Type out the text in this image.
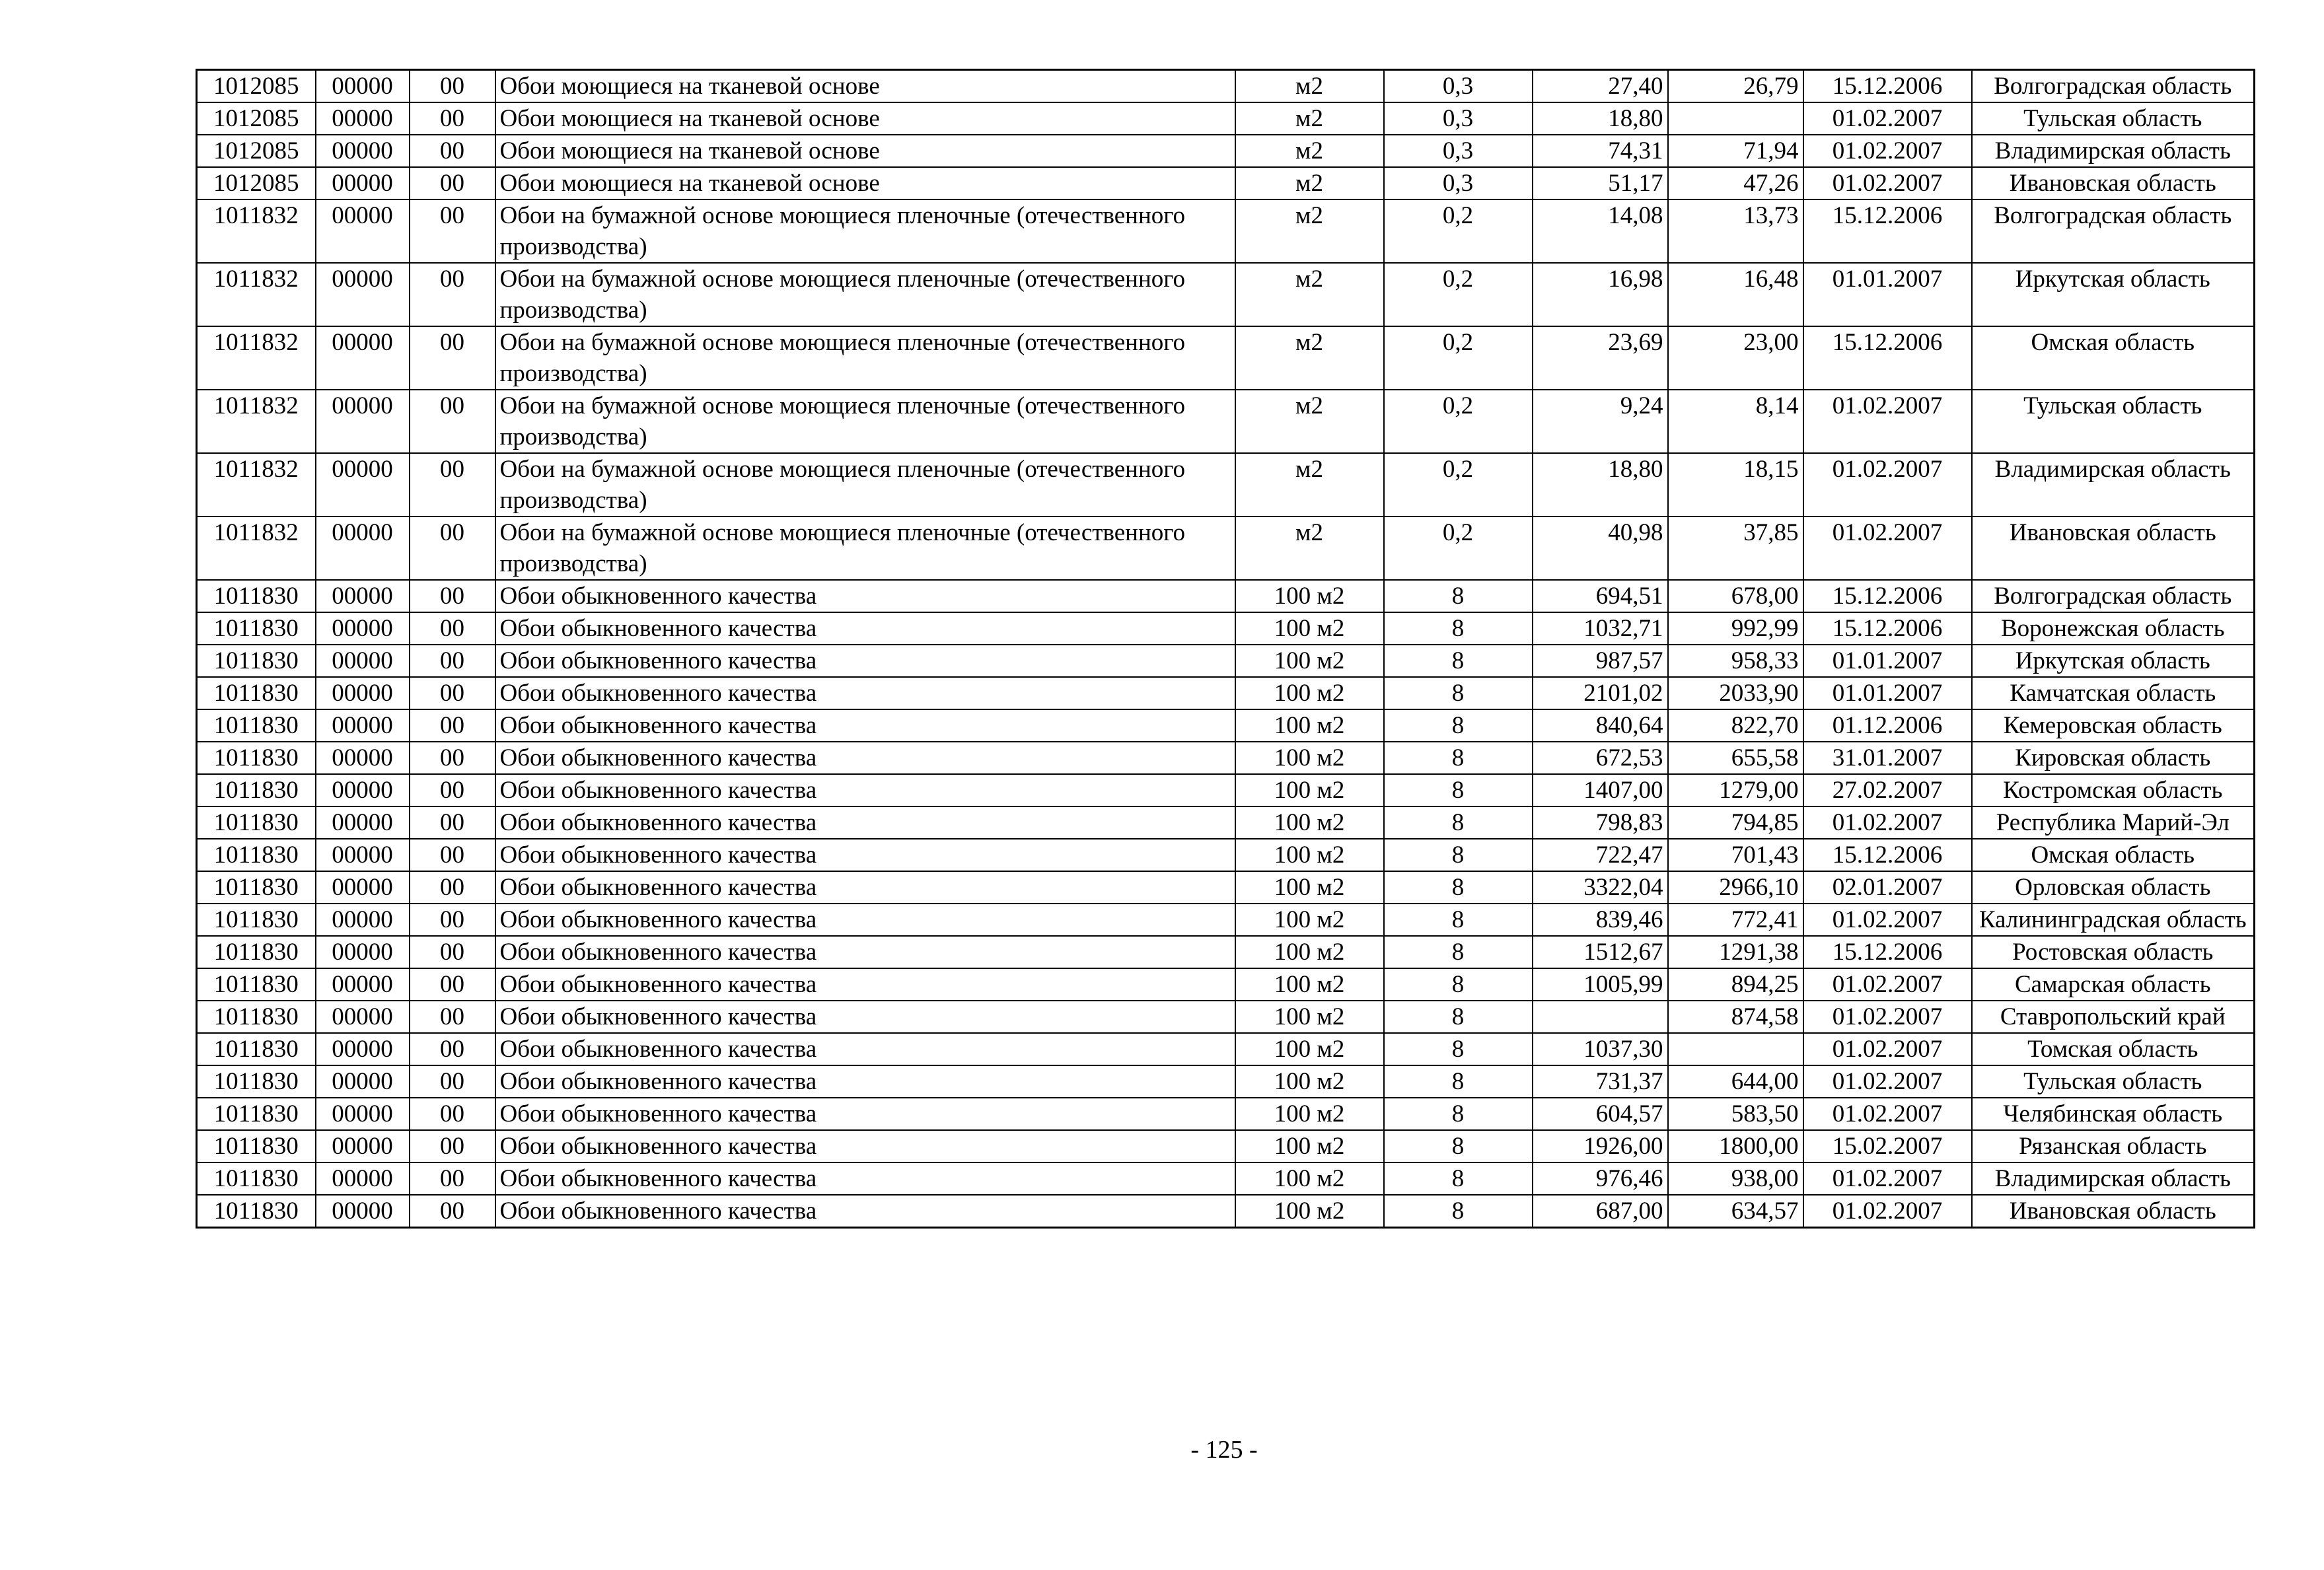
1012085	00000	00	Обои моющиеся на тканевой основе	м2	0,3	27,40	26,79	15.12.2006	Волгоградская область
1012085	00000	00	Обои моющиеся на тканевой основе	м2	0,3	18,80		01.02.2007	Тульская область
1012085	00000	00	Обои моющиеся на тканевой основе	м2	0,3	74,31	71,94	01.02.2007	Владимирская область
1012085	00000	00	Обои моющиеся на тканевой основе	м2	0,3	51,17	47,26	01.02.2007	Ивановская область
1011832	00000	00	Обои на бумажной основе моющиеся пленочные (отечественного производства)	м2	0,2	14,08	13,73	15.12.2006	Волгоградская область
1011832	00000	00	Обои на бумажной основе моющиеся пленочные (отечественного производства)	м2	0,2	16,98	16,48	01.01.2007	Иркутская область
1011832	00000	00	Обои на бумажной основе моющиеся пленочные (отечественного производства)	м2	0,2	23,69	23,00	15.12.2006	Омская область
1011832	00000	00	Обои на бумажной основе моющиеся пленочные (отечественного производства)	м2	0,2	9,24	8,14	01.02.2007	Тульская область
1011832	00000	00	Обои на бумажной основе моющиеся пленочные (отечественного производства)	м2	0,2	18,80	18,15	01.02.2007	Владимирская область
1011832	00000	00	Обои на бумажной основе моющиеся пленочные (отечественного производства)	м2	0,2	40,98	37,85	01.02.2007	Ивановская область
1011830	00000	00	Обои обыкновенного качества	100 м2	8	694,51	678,00	15.12.2006	Волгоградская область
1011830	00000	00	Обои обыкновенного качества	100 м2	8	1032,71	992,99	15.12.2006	Воронежская область
1011830	00000	00	Обои обыкновенного качества	100 м2	8	987,57	958,33	01.01.2007	Иркутская область
1011830	00000	00	Обои обыкновенного качества	100 м2	8	2101,02	2033,90	01.01.2007	Камчатская область
1011830	00000	00	Обои обыкновенного качества	100 м2	8	840,64	822,70	01.12.2006	Кемеровская область
1011830	00000	00	Обои обыкновенного качества	100 м2	8	672,53	655,58	31.01.2007	Кировская область
1011830	00000	00	Обои обыкновенного качества	100 м2	8	1407,00	1279,00	27.02.2007	Костромская область
1011830	00000	00	Обои обыкновенного качества	100 м2	8	798,83	794,85	01.02.2007	Республика Марий-Эл
1011830	00000	00	Обои обыкновенного качества	100 м2	8	722,47	701,43	15.12.2006	Омская область
1011830	00000	00	Обои обыкновенного качества	100 м2	8	3322,04	2966,10	02.01.2007	Орловская область
1011830	00000	00	Обои обыкновенного качества	100 м2	8	839,46	772,41	01.02.2007	Калининградская область
1011830	00000	00	Обои обыкновенного качества	100 м2	8	1512,67	1291,38	15.12.2006	Ростовская область
1011830	00000	00	Обои обыкновенного качества	100 м2	8	1005,99	894,25	01.02.2007	Самарская область
1011830	00000	00	Обои обыкновенного качества	100 м2	8		874,58	01.02.2007	Ставропольский край
1011830	00000	00	Обои обыкновенного качества	100 м2	8	1037,30		01.02.2007	Томская область
1011830	00000	00	Обои обыкновенного качества	100 м2	8	731,37	644,00	01.02.2007	Тульская область
1011830	00000	00	Обои обыкновенного качества	100 м2	8	604,57	583,50	01.02.2007	Челябинская область
1011830	00000	00	Обои обыкновенного качества	100 м2	8	1926,00	1800,00	15.02.2007	Рязанская область
1011830	00000	00	Обои обыкновенного качества	100 м2	8	976,46	938,00	01.02.2007	Владимирская область
1011830	00000	00	Обои обыкновенного качества	100 м2	8	687,00	634,57	01.02.2007	Ивановская область
- 125 -
